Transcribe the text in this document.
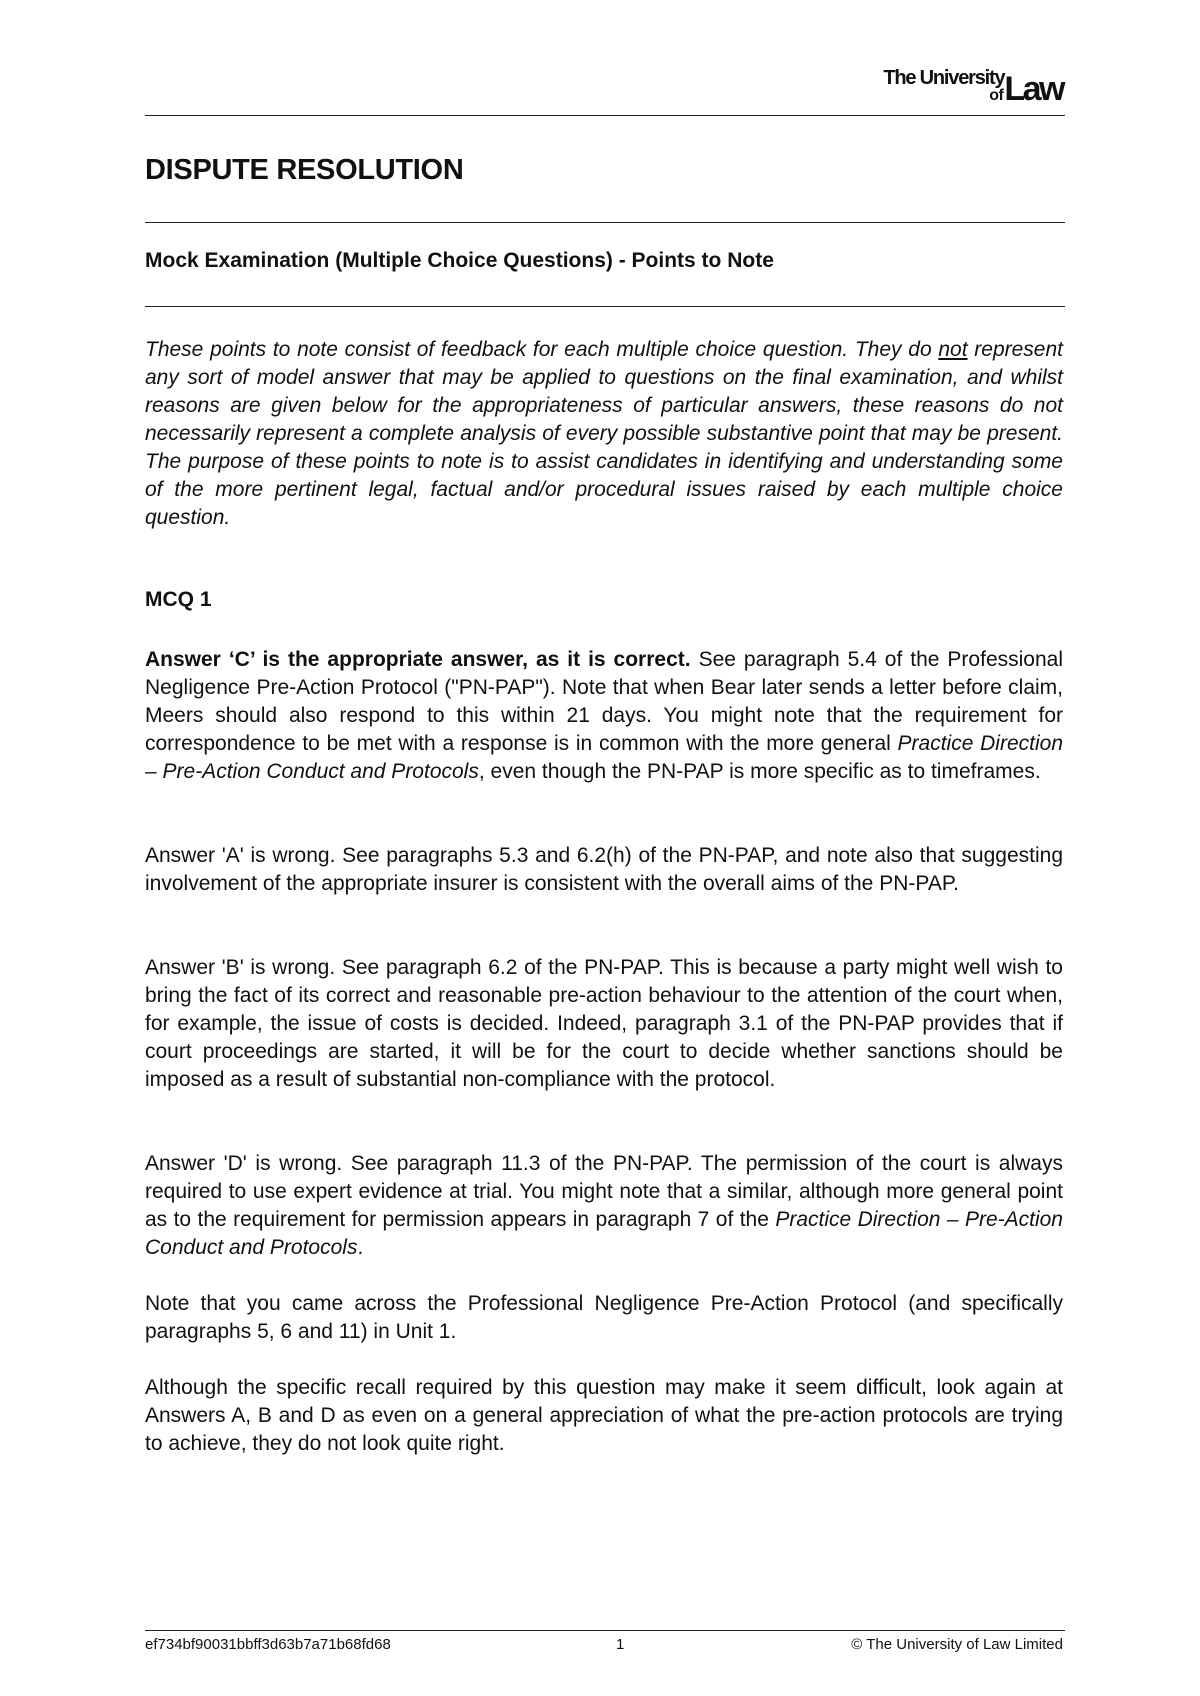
The University
of Law
DISPUTE RESOLUTION
Mock Examination (Multiple Choice Questions) - Points to Note

These points to note consist of feedback for each multiple choice question. They do not represent any sort of model answer that may be applied to questions on the final examination, and whilst reasons are given below for the appropriateness of particular answers, these reasons do not necessarily represent a complete analysis of every possible substantive point that may be present. The purpose of these points to note is to assist candidates in identifying and understanding some of the more pertinent legal, factual and/or procedural issues raised by each multiple choice question.

MCQ 1

Answer ‘C’ is the appropriate answer, as it is correct. See paragraph 5.4 of the Professional Negligence Pre-Action Protocol ("PN-PAP"). Note that when Bear later sends a letter before claim, Meers should also respond to this within 21 days. You might note that the requirement for correspondence to be met with a response is in common with the more general Practice Direction – Pre-Action Conduct and Protocols, even though the PN-PAP is more specific as to timeframes.

Answer 'A' is wrong. See paragraphs 5.3 and 6.2(h) of the PN-PAP, and note also that suggesting involvement of the appropriate insurer is consistent with the overall aims of the PN-PAP.

Answer 'B' is wrong. See paragraph 6.2 of the PN-PAP. This is because a party might well wish to bring the fact of its correct and reasonable pre-action behaviour to the attention of the court when, for example, the issue of costs is decided. Indeed, paragraph 3.1 of the PN-PAP provides that if court proceedings are started, it will be for the court to decide whether sanctions should be imposed as a result of substantial non-compliance with the protocol.

Answer 'D' is wrong. See paragraph 11.3 of the PN-PAP. The permission of the court is always required to use expert evidence at trial. You might note that a similar, although more general point as to the requirement for permission appears in paragraph 7 of the Practice Direction – Pre-Action Conduct and Protocols.

Note that you came across the Professional Negligence Pre-Action Protocol (and specifically paragraphs 5, 6 and 11) in Unit 1.

Although the specific recall required by this question may make it seem difficult, look again at Answers A, B and D as even on a general appreciation of what the pre-action protocols are trying to achieve, they do not look quite right.

ef734bf90031bbff3d63b7a71b68fd68	1	© The University of Law Limited
